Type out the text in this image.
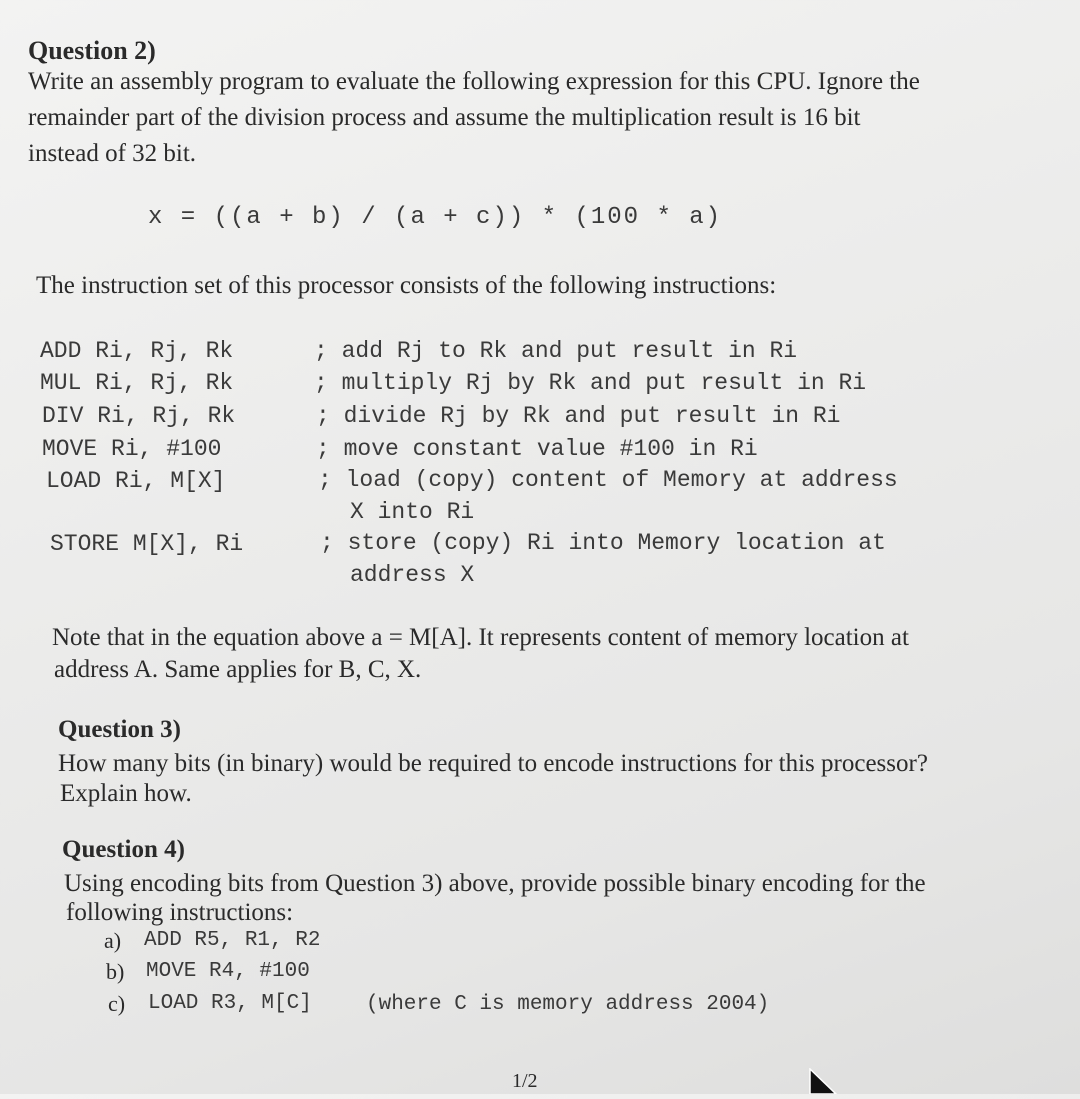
Question 2)
Write an assembly program to evaluate the following expression for this CPU. Ignore the
remainder part of the division process and assume the multiplication result is 16 bit
instead of 32 bit.
x = ((a + b) / (a + c)) * (100 * a)
The instruction set of this processor consists of the following instructions:
ADD Ri, Rj, Rk	; add Rj to Rk and put result in Ri
MUL Ri, Rj, Rk	; multiply Rj by Rk and put result in Ri
DIV Ri, Rj, Rk	; divide Rj by Rk and put result in Ri
MOVE Ri, #100	; move constant value #100 in Ri
LOAD Ri, M[X]	; load (copy) content of Memory at address
X into Ri
STORE M[X], Ri	; store (copy) Ri into Memory location at
address X
Note that in the equation above a = M[A]. It represents content of memory location at
address A. Same applies for B, C, X.
Question 3)
How many bits (in binary) would be required to encode instructions for this processor?
Explain how.
Question 4)
Using encoding bits from Question 3) above, provide possible binary encoding for the
following instructions:
a) ADD R5, R1, R2
b) MOVE R4, #100
c) LOAD R3, M[C]	(where C is memory address 2004)
1/2
